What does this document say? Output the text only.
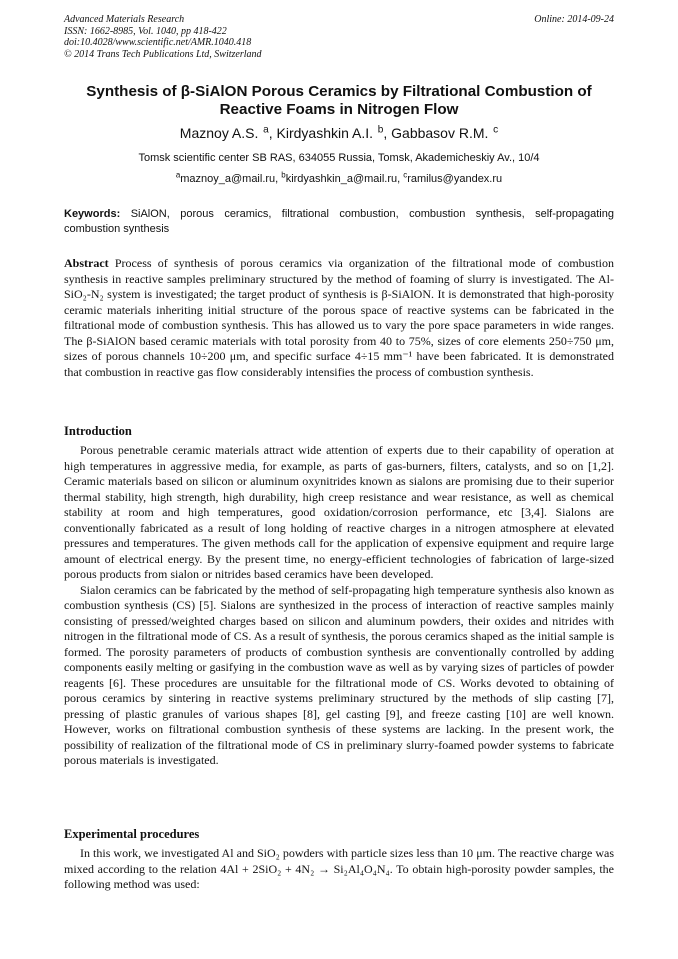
Online: 2014-09-24
Advanced Materials Research
ISSN: 1662-8985, Vol. 1040, pp 418-422
doi:10.4028/www.scientific.net/AMR.1040.418
© 2014 Trans Tech Publications Ltd, Switzerland
Synthesis of β-SiAlON Porous Ceramics by Filtrational Combustion of
Reactive Foams in Nitrogen Flow
Maznoy A.S.   $^a$, Kirdyashkin A.I.   $^b$, Gabbasov R.M.   $^c$
Tomsk scientific center SB RAS, 634055 Russia, Tomsk, Akademicheskiy Av., 10/4
$^a$maznoy_a@mail.ru, $^b$kirdyashkin_a@mail.ru, $^c$ramilus@yandex.ru
Keywords: SiAlON, porous ceramics, filtrational combustion, combustion synthesis, self-propagating combustion synthesis
Abstract Process of synthesis of porous ceramics via organization of the filtrational mode of combustion synthesis in reactive samples preliminary structured by the method of foaming of slurry is investigated. The Al-SiO₂-N₂ system is investigated; the target product of synthesis is β-SiAlON. It is demonstrated that high-porosity ceramic materials inheriting initial structure of the porous space of reactive systems can be fabricated in the filtrational mode of combustion synthesis. This has allowed us to vary the pore space parameters in wide ranges. The β-SiAlON based ceramic materials with total porosity from 40 to 75%, sizes of core elements 250÷750 μm, sizes of porous channels 10÷200 μm, and specific surface 4÷15 mm⁻¹ have been fabricated. It is demonstrated that combustion in reactive gas flow considerably intensifies the process of combustion synthesis.
Introduction

Porous penetrable ceramic materials attract wide attention of experts due to their capability of operation at high temperatures in aggressive media, for example, as parts of gas-burners, filters, catalysts, and so on [1,2]. Ceramic materials based on silicon or aluminum oxynitrides known as sialons are promising due to their superior thermal stability, high strength, high durability, high creep resistance and wear resistance, as well as chemical stability at room and high temperatures, good oxidation/corrosion performance, etc [3,4]. Sialons are conventionally fabricated as a result of long holding of reactive charges in a nitrogen atmosphere at elevated pressures and temperatures. The given methods call for the application of expensive equipment and require large amount of electrical energy. By the present time, no energy-efficient technologies of fabrication of large-sized porous products from sialon or nitrides based ceramics have been developed.

Sialon ceramics can be fabricated by the method of self-propagating high temperature synthesis also known as combustion synthesis (CS) [5]. Sialons are synthesized in the process of interaction of reactive samples mainly consisting of pressed/weighted charges based on silicon and aluminum powders, their oxides and nitrides with nitrogen in the filtrational mode of CS. As a result of synthesis, the porous ceramics shaped as the initial sample is formed. The porosity parameters of products of combustion synthesis are conventionally controlled by adding components easily melting or gasifying in the combustion wave as well as by varying sizes of particles of powder reagents [6]. These procedures are unsuitable for the filtrational mode of CS. Works devoted to obtaining of porous ceramics by sintering in reactive systems preliminary structured by the methods of slip casting [7], pressing of plastic granules of various shapes [8], gel casting [9], and freeze casting [10] are well known. However, works on filtrational combustion synthesis of these systems are lacking. In the present work, the possibility of realization of the filtrational mode of CS in preliminary slurry-foamed powder systems to fabricate porous materials is investigated.

Experimental procedures

In this work, we investigated Al and SiO₂ powders with particle sizes less than 10 μm. The reactive charge was mixed according to the relation 4Al + 2SiO₂ + 4N₂ → Si₂Al₄O₄N₄. To obtain high-porosity powder samples, the following method was used:
